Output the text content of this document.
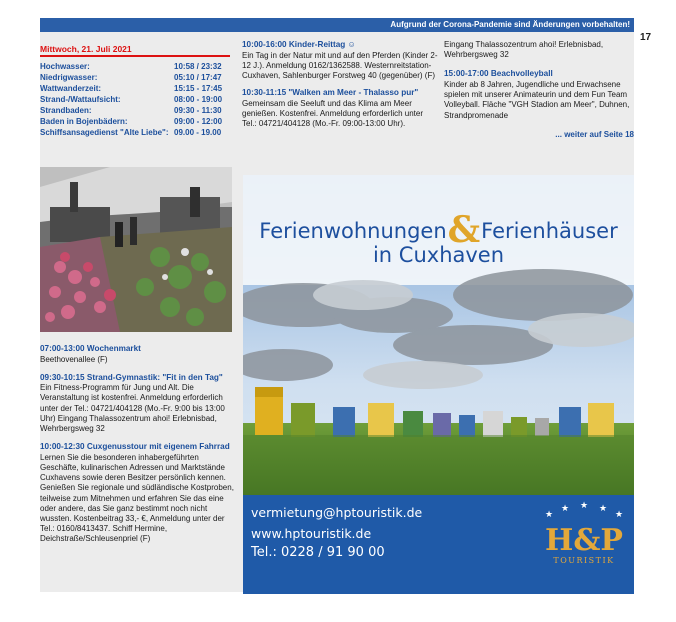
Aufgrund der Corona-Pandemie sind Änderungen vorbehalten!
17
Mittwoch, 21. Juli 2021
Hochwasser:	10:58 / 23:32
Niedrigwasser:	05:10 / 17:47
Wattwanderzeit:	15:15 - 17:45
Strand-/Wattaufsicht:	08:00 - 19:00
Strandbaden:	09:30 - 11:30
Baden in Bojenbädern:	09:00 - 12:00
Schiffsansagedienst "Alte Liebe": 09.00 - 19.00
07:00-13:00 Wochenmarkt
Beethovenallee (F)
09:30-10:15 Strand-Gymnastik: "Fit in den Tag"
Ein Fitness-Programm für Jung und Alt. Die Veranstaltung ist kostenfrei. Anmeldung erforderlich unter der Tel.: 04721/404128 (Mo.-Fr. 9:00 bis 13:00 Uhr) Eingang Thalassozentrum ahoi! Erlebnisbad, Wehrbergsweg 32
10:00-12:30 Cuxgenusstour mit eigenem Fahrrad
Lernen Sie die besonderen inhabergeführten Geschäfte, kulinarischen Adressen und Marktstände Cuxhavens sowie deren Besitzer persönlich kennen. Genießen Sie regionale und südländische Kostproben, teilweise zum Mitnehmen und erfahren Sie das eine oder andere, das Sie ganz bestimmt noch nicht wussten. Kostenbeitrag 33,- €, Anmeldung unter der Tel.: 0160/8413437. Schiff Hermine, Deichstraße/Schleusenpriel (F)
10:00-16:00 Kinder-Reittag ☺
Ein Tag in der Natur mit und auf den Pferden (Kinder 2-12 J.). Anmeldung 0162/1362588. Westernreitstation-Cuxhaven, Sahlenburger Forstweg 40 (gegenüber) (F)
10:30-11:15 "Walken am Meer - Thalasso pur"
Gemeinsam die Seeluft und das Klima am Meer genießen. Kostenfrei. Anmeldung erforderlich unter Tel.: 04721/404128 (Mo.-Fr. 09:00-13:00 Uhr).
Eingang Thalassozentrum ahoi! Erlebnisbad, Wehrbergsweg 32
15:00-17:00 Beachvolleyball
Kinder ab 8 Jahren, Jugendliche und Erwachsene spielen mit unserer Animateurin und dem Fun Team Volleyball. Fläche "VGH Stadion am Meer", Duhnen, Strandpromenade
... weiter auf Seite 18
Ferienwohnungen&Ferienhäuser
in Cuxhaven
vermietung@hptouristik.de
www.hptouristik.de
Tel.: 0228 / 91 90 00
★
★ ★ ★
★
H&P
TOURISTIK
